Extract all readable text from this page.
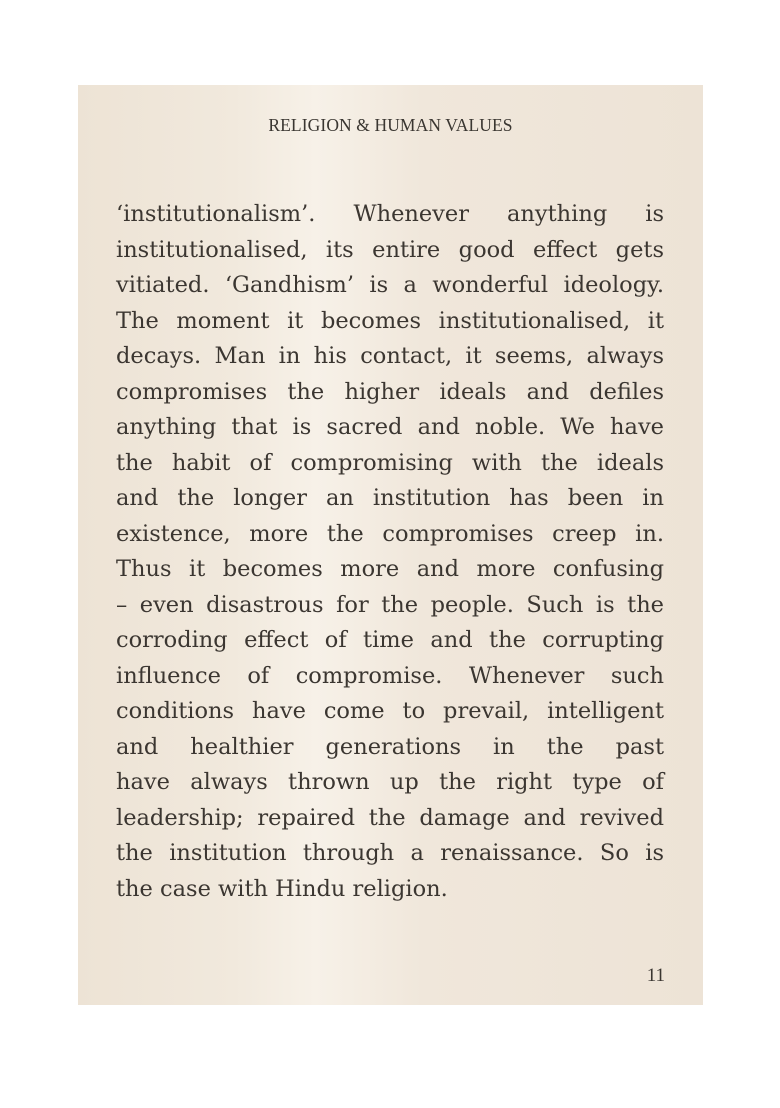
RELIGION & HUMAN VALUES
‘institutionalism’. Whenever anything is
institutionalised, its entire good effect gets
vitiated. ‘Gandhism’ is a wonderful ideology.
The moment it becomes institutionalised, it
decays. Man in his contact, it seems, always
compromises the higher ideals and defiles
anything that is sacred and noble. We have
the habit of compromising with the ideals
and the longer an institution has been in
existence, more the compromises creep in.
Thus it becomes more and more confusing
– even disastrous for the people. Such is the
corroding effect of time and the corrupting
influence of compromise. Whenever such
conditions have come to prevail, intelligent
and healthier generations in the past
have always thrown up the right type of
leadership; repaired the damage and revived
the institution through a renaissance. So is
the case with Hindu religion.
11
